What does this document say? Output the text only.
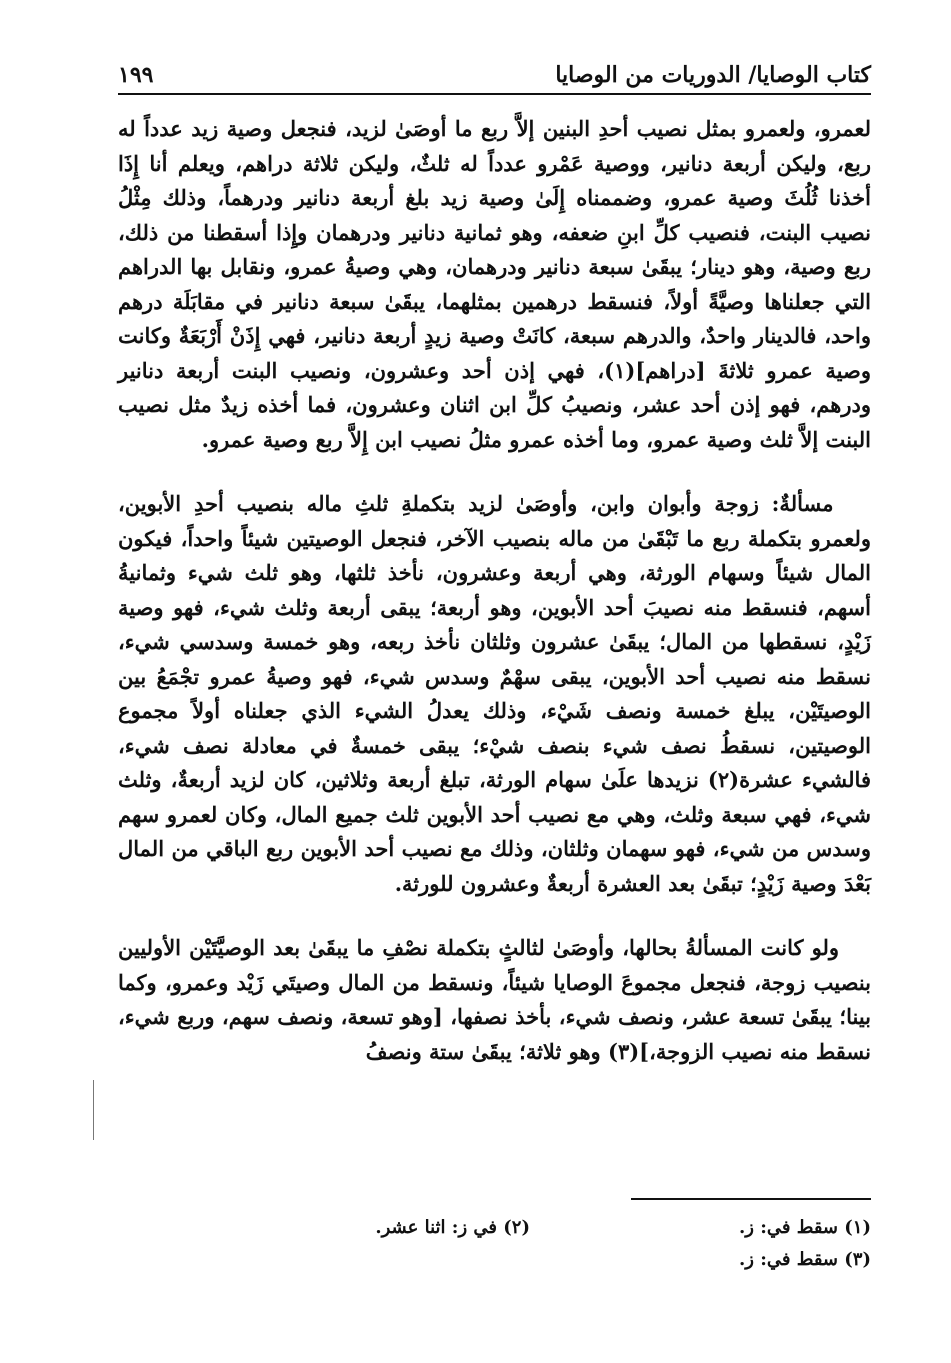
كتاب الوصايا/ الدوريات من الوصايا
١٩٩

لعمرو، ولعمرو بمثل نصيب أحدِ البنين إلاَّ ربع ما أوصَىٰ لزيد، فنجعل وصية زيد عدداً له ربع، وليكن أربعة دنانير، ووصية عَمْرو عدداً له ثلثٌ، وليكن ثلاثة دراهم، ويعلم أنا إِذَا أخذنا ثُلُثَ وصية عمرو، وضممناه إِلَىٰ وصية زيد بلغ أربعة دنانير ودرهماً، وذلك مِثْلُ نصيب البنت، فنصيب كلِّ ابنِ ضعفه، وهو ثمانية دنانير ودرهمان وإِذا أسقطنا من ذلك، ربع وصية، وهو دينار؛ يبقَىٰ سبعة دنانير ودرهمان، وهي وصيةُ عمرو، ونقابل بها الدراهم التي جعلناها وصيَّةً أولاً، فنسقط درهمين بمثلهما، يبقَىٰ سبعة دنانير في مقابَلَة درهم واحد، فالدينار واحدٌ، والدرهم سبعة، كانَتْ وصية زيدٍ أربعة دنانير، فهي إِذَنْ أَرْبَعَةٌ وكانت وصية عمرو ثلاثةَ [دراهم](١)، فهي إذن أحد وعشرون، ونصيب البنت أربعة دنانير ودرهم، فهو إذن أحد عشر، ونصيبُ كلِّ ابن اثنان وعشرون، فما أخذه زيدٌ مثل نصيب البنت إلاَّ ثلث وصية عمرو، وما أخذه عمرو مثلُ نصيب ابن إِلاَّ ربع وصية عمرو.

مسألةٌ: زوجة وأبوان وابن، وأوصَىٰ لزيد بتكملةِ ثلثِ ماله بنصيب أحدِ الأبوين، ولعمرو بتكملة ربع ما تَبْقَىٰ من ماله بنصيب الآخر، فنجعل الوصيتين شيئاً واحداً، فيكون المال شيئاً وسهام الورثة، وهي أربعة وعشرون، نأخذ ثلثها، وهو ثلث شيء وثمانيةُ أسهم، فنسقط منه نصيبَ أحد الأبوين، وهو أربعة؛ يبقى أربعة وثلث شيء، فهو وصية زَيْدٍ، نسقطها من المال؛ يبقَىٰ عشرون وثلثان نأخذ ربعه، وهو خمسة وسدسي شيء، نسقط منه نصيب أحد الأبوين، يبقى سهْمٌ وسدس شيء، فهو وصيةُ عمرو تجْمَعُ بين الوصيتَيْن، يبلغ خمسة ونصف شَيْء، وذلك يعدلُ الشيء الذي جعلناه أولاً مجموع الوصيتين، نسقطُ نصف شيء بنصف شيْء؛ يبقى خمسةٌ في معادلة نصف شيء، فالشيء عشرة(٢) نزيدها علَىٰ سهام الورثة، تبلغ أربعة وثلاثين، كان لزيد أربعةٌ، وثلث شيء، فهي سبعة وثلث، وهي مع نصيب أحد الأبوين ثلث جميع المال، وكان لعمرو سهم وسدس من شيء، فهو سهمان وثلثان، وذلك مع نصيب أحد الأبوين ربع الباقي من المال بَعْدَ وصية زَيْدٍ؛ تبقَىٰ بعد العشرة أربعةٌ وعشرون للورثة.

ولو كانت المسألةُ بحالها، وأوصَىٰ لثالثٍ بتكملة نصْفِ ما يبقَىٰ بعد الوصيَّتَيْن الأوليين بنصيب زوجة، فنجعل مجموعَ الوصايا شيئاً، ونسقط من المال وصيتَي زَيْد وعمرو، وكما بينا؛ يبقَىٰ تسعة عشر، ونصف شيء، بأخذ نصفها، [وهو تسعة، ونصف سهم، وربع شيء، نسقط منه نصيب الزوجة،](٣) وهو ثلاثة؛ يبقَىٰ ستة ونصفُ

(١) سقط في: ز.
(٢) في ز: اثنا عشر.
(٣) سقط في: ز.
